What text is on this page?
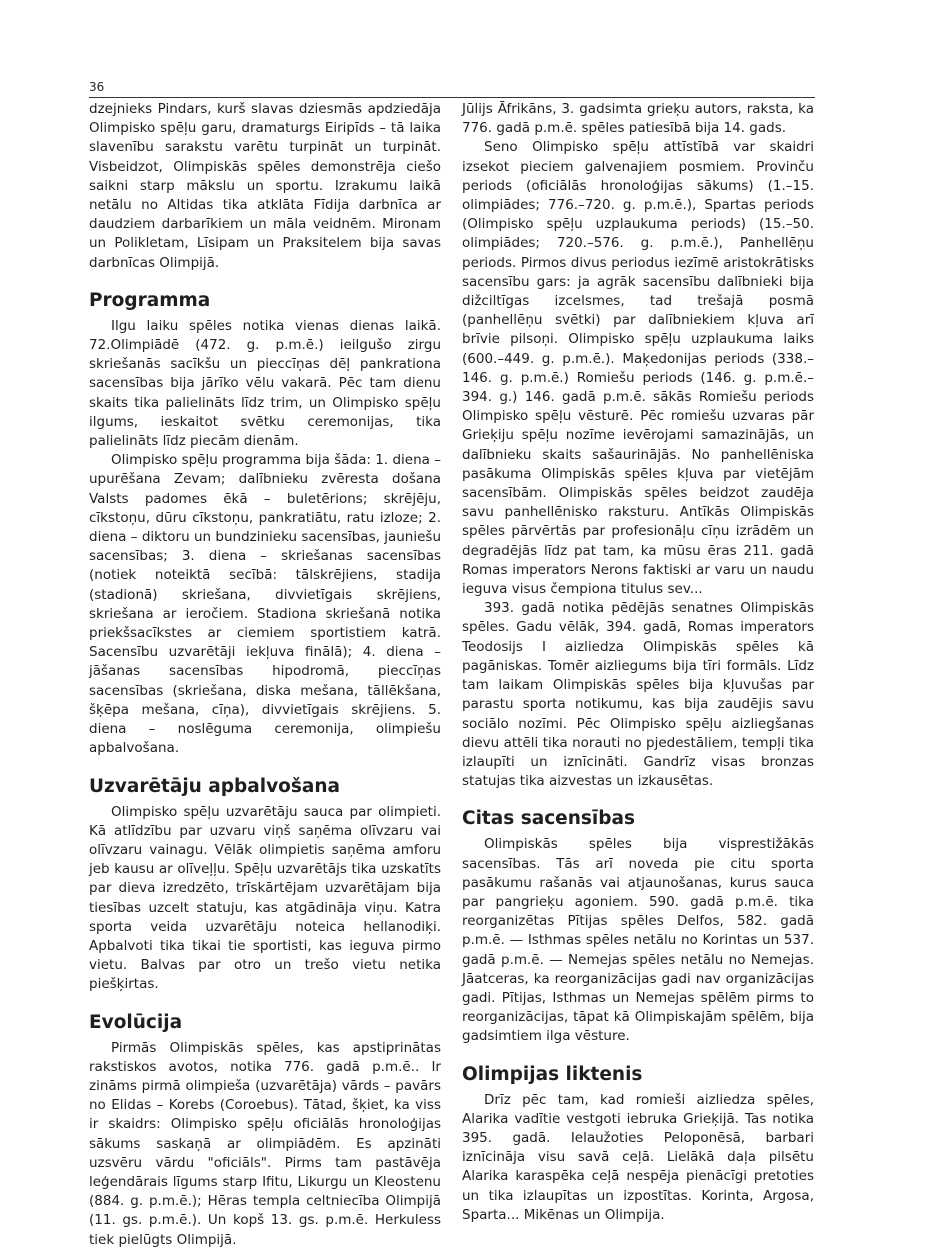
36

dzejnieks Pindars, kurš slavas dziesmās apdziedāja Olimpisko spēļu garu, dramaturgs Eiripīds – tā laika slavenību sarakstu varētu turpināt un turpināt. Visbeidzot, Olimpiskās spēles demonstrēja ciešo saikni starp mākslu un sportu. Izrakumu laikā netālu no Altidas tika atklāta Fīdija darbnīca ar daudziem darbarīkiem un māla veidnēm. Mironam un Polikletam, Līsipam un Praksitelem bija savas darbnīcas Olimpijā.

Programma

Ilgu laiku spēles notika vienas dienas laikā. 72.Olimpiādē (472. g. p.m.ē.) ieilgušo zirgu skriešanās sacīkšu un pieccīņas dēļ pankrationa sacensības bija jārīko vēlu vakarā. Pēc tam dienu skaits tika palielināts līdz trim, un Olimpisko spēļu ilgums, ieskaitot svētku ceremonijas, tika palielināts līdz piecām dienām.

Olimpisko spēļu programma bija šāda: 1. diena – upurēšana Zevam; dalībnieku zvēresta došana Valsts padomes ēkā – buletērions; skrējēju, cīkstoņu, dūru cīkstoņu, pankratiātu, ratu izloze; 2. diena – diktoru un bundzinieku sacensības, jauniešu sacensības; 3. diena – skriešanas sacensības (notiek noteiktā secībā: tālskrējiens, stadija (stadionā) skriešana, divvietīgais skrējiens, skriešana ar ieročiem. Stadiona skriešanā notika priekšsacīkstes ar ciemiem sportistiem katrā. Sacensību uzvarētāji iekļuva finālā); 4. diena – jāšanas sacensības hipodromā, pieccīņas sacensības (skriešana, diska mešana, tāllēkšana, šķēpa mešana, cīņa), divvietīgais skrējiens. 5. diena – noslēguma ceremonija, olimpiešu apbalvošana.

Uzvarētāju apbalvošana

Olimpisko spēļu uzvarētāju sauca par olimpieti. Kā atlīdzību par uzvaru viņš saņēma olīvzaru vai olīvzaru vainagu. Vēlāk olimpietis saņēma amforu jeb kausu ar olīveļļu. Spēļu uzvarētājs tika uzskatīts par dieva izredzēto, trīskārtējam uzvarētājam bija tiesības uzcelt statuju, kas atgādināja viņu. Katra sporta veida uzvarētāju noteica hellanodiķi. Apbalvoti tika tikai tie sportisti, kas ieguva pirmo vietu. Balvas par otro un trešo vietu netika piešķirtas.

Evolūcija

Pirmās Olimpiskās spēles, kas apstiprinātas rakstiskos avotos, notika 776. gadā p.m.ē.. Ir zināms pirmā olimpieša (uzvarētāja) vārds – pavārs no Elidas – Korebs (Coroebus). Tātad, šķiet, ka viss ir skaidrs: Olimpisko spēļu oficiālās hronoloģijas sākums saskaņā ar olimpiādēm. Es apzināti uzsvēru vārdu "oficiāls". Pirms tam pastāvēja leģendārais līgums starp Ifitu, Likurgu un Kleostenu (884. g. p.m.ē.); Hēras templa celtniecība Olimpijā (11. gs. p.m.ē.). Un kopš 13. gs. p.m.ē. Herkuless tiek pielūgts Olimpijā.

Jūlijs Āfrikāns, 3. gadsimta grieķu autors, raksta, ka 776. gadā p.m.ē. spēles patiesībā bija 14. gads.

Seno Olimpisko spēļu attīstībā var skaidri izsekot pieciem galvenajiem posmiem. Provinču periods (oficiālās hronoloģijas sākums) (1.–15. olimpiādes; 776.–720. g. p.m.ē.), Spartas periods (Olimpisko spēļu uzplaukuma periods) (15.–50. olimpiādes; 720.–576. g. p.m.ē.), Panhellēņu periods. Pirmos divus periodus iezīmē aristokrātisks sacensību gars: ja agrāk sacensību dalībnieki bija dižciltīgas izcelsmes, tad trešajā posmā (panhellēņu svētki) par dalībniekiem kļuva arī brīvie pilsoņi. Olimpisko spēļu uzplaukuma laiks (600.–449. g. p.m.ē.). Maķedonijas periods (338.–146. g. p.m.ē.) Romiešu periods (146. g. p.m.ē.–394. g.) 146. gadā p.m.ē. sākās Romiešu periods Olimpisko spēļu vēsturē. Pēc romiešu uzvaras pār Grieķiju spēļu nozīme ievērojami samazinājās, un dalībnieku skaits sašaurinājās. No panhellēniska pasākuma Olimpiskās spēles kļuva par vietējām sacensībām. Olimpiskās spēles beidzot zaudēja savu panhellēnisko raksturu. Antīkās Olimpiskās spēles pārvērtās par profesionāļu cīņu izrādēm un degradējās līdz pat tam, ka mūsu ēras 211. gadā Romas imperators Nerons faktiski ar varu un naudu ieguva visus čempiona titulus sev...

393. gadā notika pēdējās senatnes Olimpiskās spēles. Gadu vēlāk, 394. gadā, Romas imperators Teodosijs I aizliedza Olimpiskās spēles kā pagāniskas. Tomēr aizliegums bija tīri formāls. Līdz tam laikam Olimpiskās spēles bija kļuvušas par parastu sporta notikumu, kas bija zaudējis savu sociālo nozīmi. Pēc Olimpisko spēļu aizliegšanas dievu attēli tika norauti no pjedestāliem, tempļi tika izlaupīti un iznīcināti. Gandrīz visas bronzas statujas tika aizvestas un izkausētas.

Citas sacensības

Olimpiskās spēles bija visprestižākās sacensības. Tās arī noveda pie citu sporta pasākumu rašanās vai atjaunošanas, kurus sauca par pangrieķu agoniem. 590. gadā p.m.ē. tika reorganizētas Pītijas spēles Delfos, 582. gadā p.m.ē. — Isthmas spēles netālu no Korintas un 537. gadā p.m.ē. — Nemejas spēles netālu no Nemejas. Jāatceras, ka reorganizācijas gadi nav organizācijas gadi. Pītijas, Isthmas un Nemejas spēlēm pirms to reorganizācijas, tāpat kā Olimpiskajām spēlēm, bija gadsimtiem ilga vēsture.

Olimpijas liktenis

Drīz pēc tam, kad romieši aizliedza spēles, Alarika vadītie vestgoti iebruka Grieķijā. Tas notika 395. gadā. Ielaužoties Peloponēsā, barbari iznīcināja visu savā ceļā. Lielākā daļa pilsētu Alarika karaspēka ceļā nespēja pienācīgi pretoties un tika izlaupītas un izpostītas. Korinta, Argosa, Sparta... Mikēnas un Olimpija.
